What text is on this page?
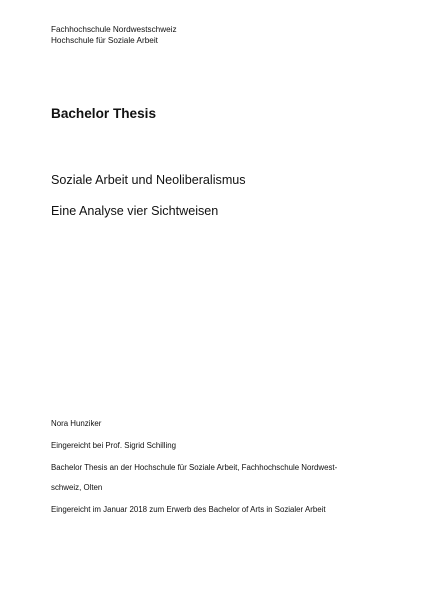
Fachhochschule Nordwestschweiz
Hochschule für Soziale Arbeit
Bachelor Thesis
Soziale Arbeit und Neoliberalismus
Eine Analyse vier Sichtweisen
Nora Hunziker
Eingereicht bei Prof. Sigrid Schilling
Bachelor Thesis an der Hochschule für Soziale Arbeit, Fachhochschule Nordwest-
schweiz, Olten
Eingereicht im Januar 2018 zum Erwerb des Bachelor of Arts in Sozialer Arbeit
